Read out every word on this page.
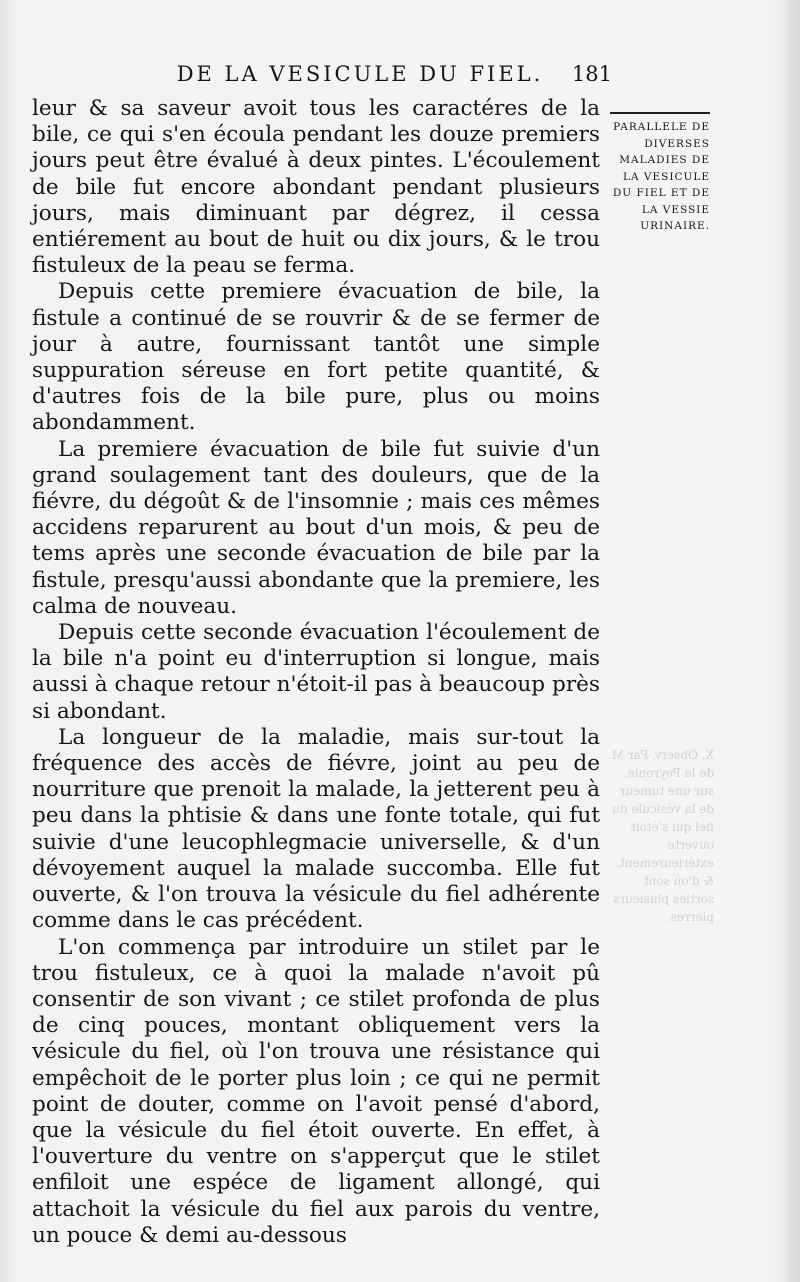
DE LA VESICULE DU FIEL.	181

leur & sa saveur avoit tous les caractéres de la bile, ce qui s'en écoula pendant les douze premiers jours peut être évalué à deux pintes. L'écoulement de bile fut encore abondant pendant plusieurs jours, mais diminuant par dégrez, il cessa entiérement au bout de huit ou dix jours, & le trou fistuleux de la peau se ferma.

Depuis cette premiere évacuation de bile, la fistule a continué de se rouvrir & de se fermer de jour à autre, fournissant tantôt une simple suppuration séreuse en fort petite quantité, & d'autres fois de la bile pure, plus ou moins abondamment.

La premiere évacuation de bile fut suivie d'un grand soulagement tant des douleurs, que de la fiévre, du dégoût & de l'insomnie ; mais ces mêmes accidens reparurent au bout d'un mois, & peu de tems après une seconde évacuation de bile par la fistule, presqu'aussi abondante que la premiere, les calma de nouveau.

Depuis cette seconde évacuation l'écoulement de la bile n'a point eu d'interruption si longue, mais aussi à chaque retour n'étoit-il pas à beaucoup près si abondant.

La longueur de la maladie, mais sur-tout la fréquence des accès de fiévre, joint au peu de nourriture que prenoit la malade, la jetterent peu à peu dans la phtisie & dans une fonte totale, qui fut suivie d'une leucophlegmacie universelle, & d'un dévoyement auquel la malade succomba. Elle fut ouverte, & l'on trouva la vésicule du fiel adhérente comme dans le cas précédent.

L'on commença par introduire un stilet par le trou fistuleux, ce à quoi la malade n'avoit pû consentir de son vivant ; ce stilet profonda de plus de cinq pouces, montant obliquement vers la vésicule du fiel, où l'on trouva une résistance qui empêchoit de le porter plus loin ; ce qui ne permit point de douter, comme on l'avoit pensé d'abord, que la vésicule du fiel étoit ouverte. En effet, à l'ouverture du ventre on s'apperçut que le stilet enfiloit une espéce de ligament allongé, qui attachoit la vésicule du fiel aux parois du ventre, un pouce & demi au-dessous

PARALLELE DE DIVERSES MALADIES DE LA VESICULE DU FIEL ET DE LA VESSIE URINAIRE.
X. Observ. Par M. de la Peyronie, sur une tumeur de la vésicule du fiel qui s'étoit ouverte extérieurement, & d'où sont sorties plusieurs pierres.
